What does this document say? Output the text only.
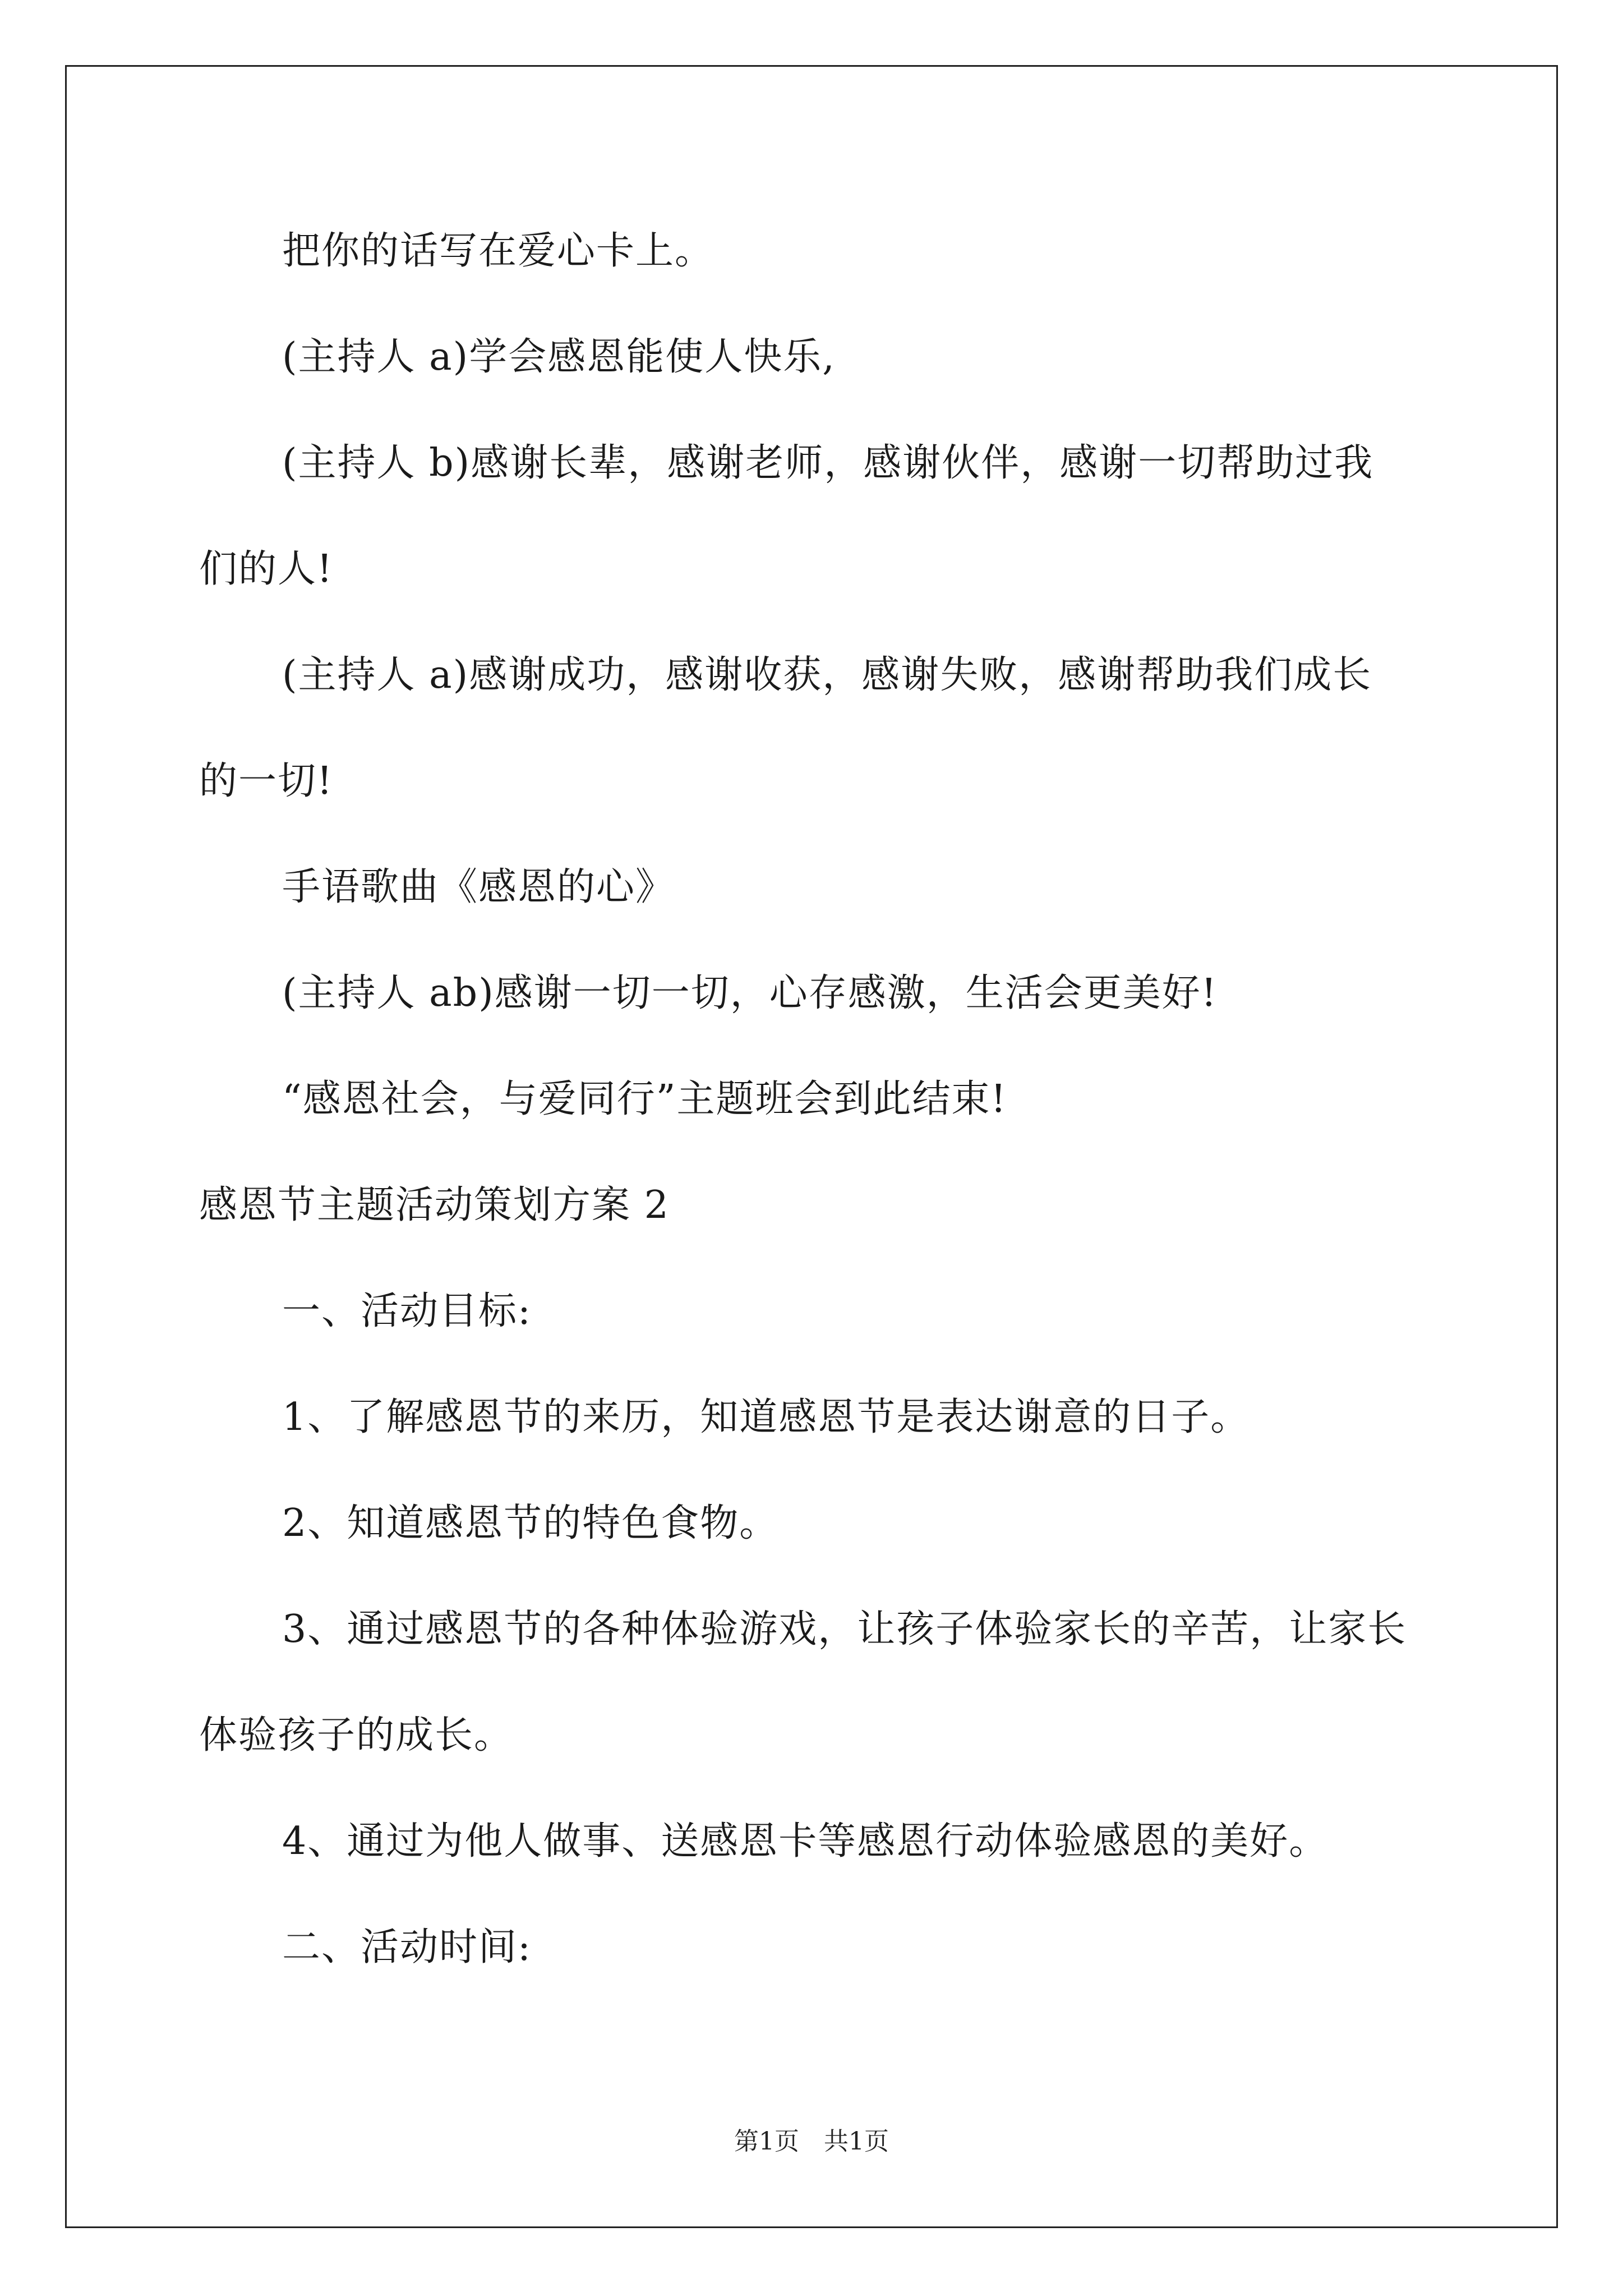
把你的话写在爱心卡上。
(主持人 a)学会感恩能使人快乐,
(主持人 b)感谢长辈，感谢老师，感谢伙伴，感谢一切帮助过我
们的人!
(主持人 a)感谢成功，感谢收获，感谢失败，感谢帮助我们成长
的一切!
手语歌曲《感恩的心》
(主持人 ab)感谢一切一切，心存感激，生活会更美好!
“感恩社会，与爱同行”主题班会到此结束!
感恩节主题活动策划方案 2
一、活动目标:
1、了解感恩节的来历，知道感恩节是表达谢意的日子。
2、知道感恩节的特色食物。
3、通过感恩节的各种体验游戏，让孩子体验家长的辛苦，让家长
体验孩子的成长。
4、通过为他人做事、送感恩卡等感恩行动体验感恩的美好。
二、活动时间:
第1页　共1页
